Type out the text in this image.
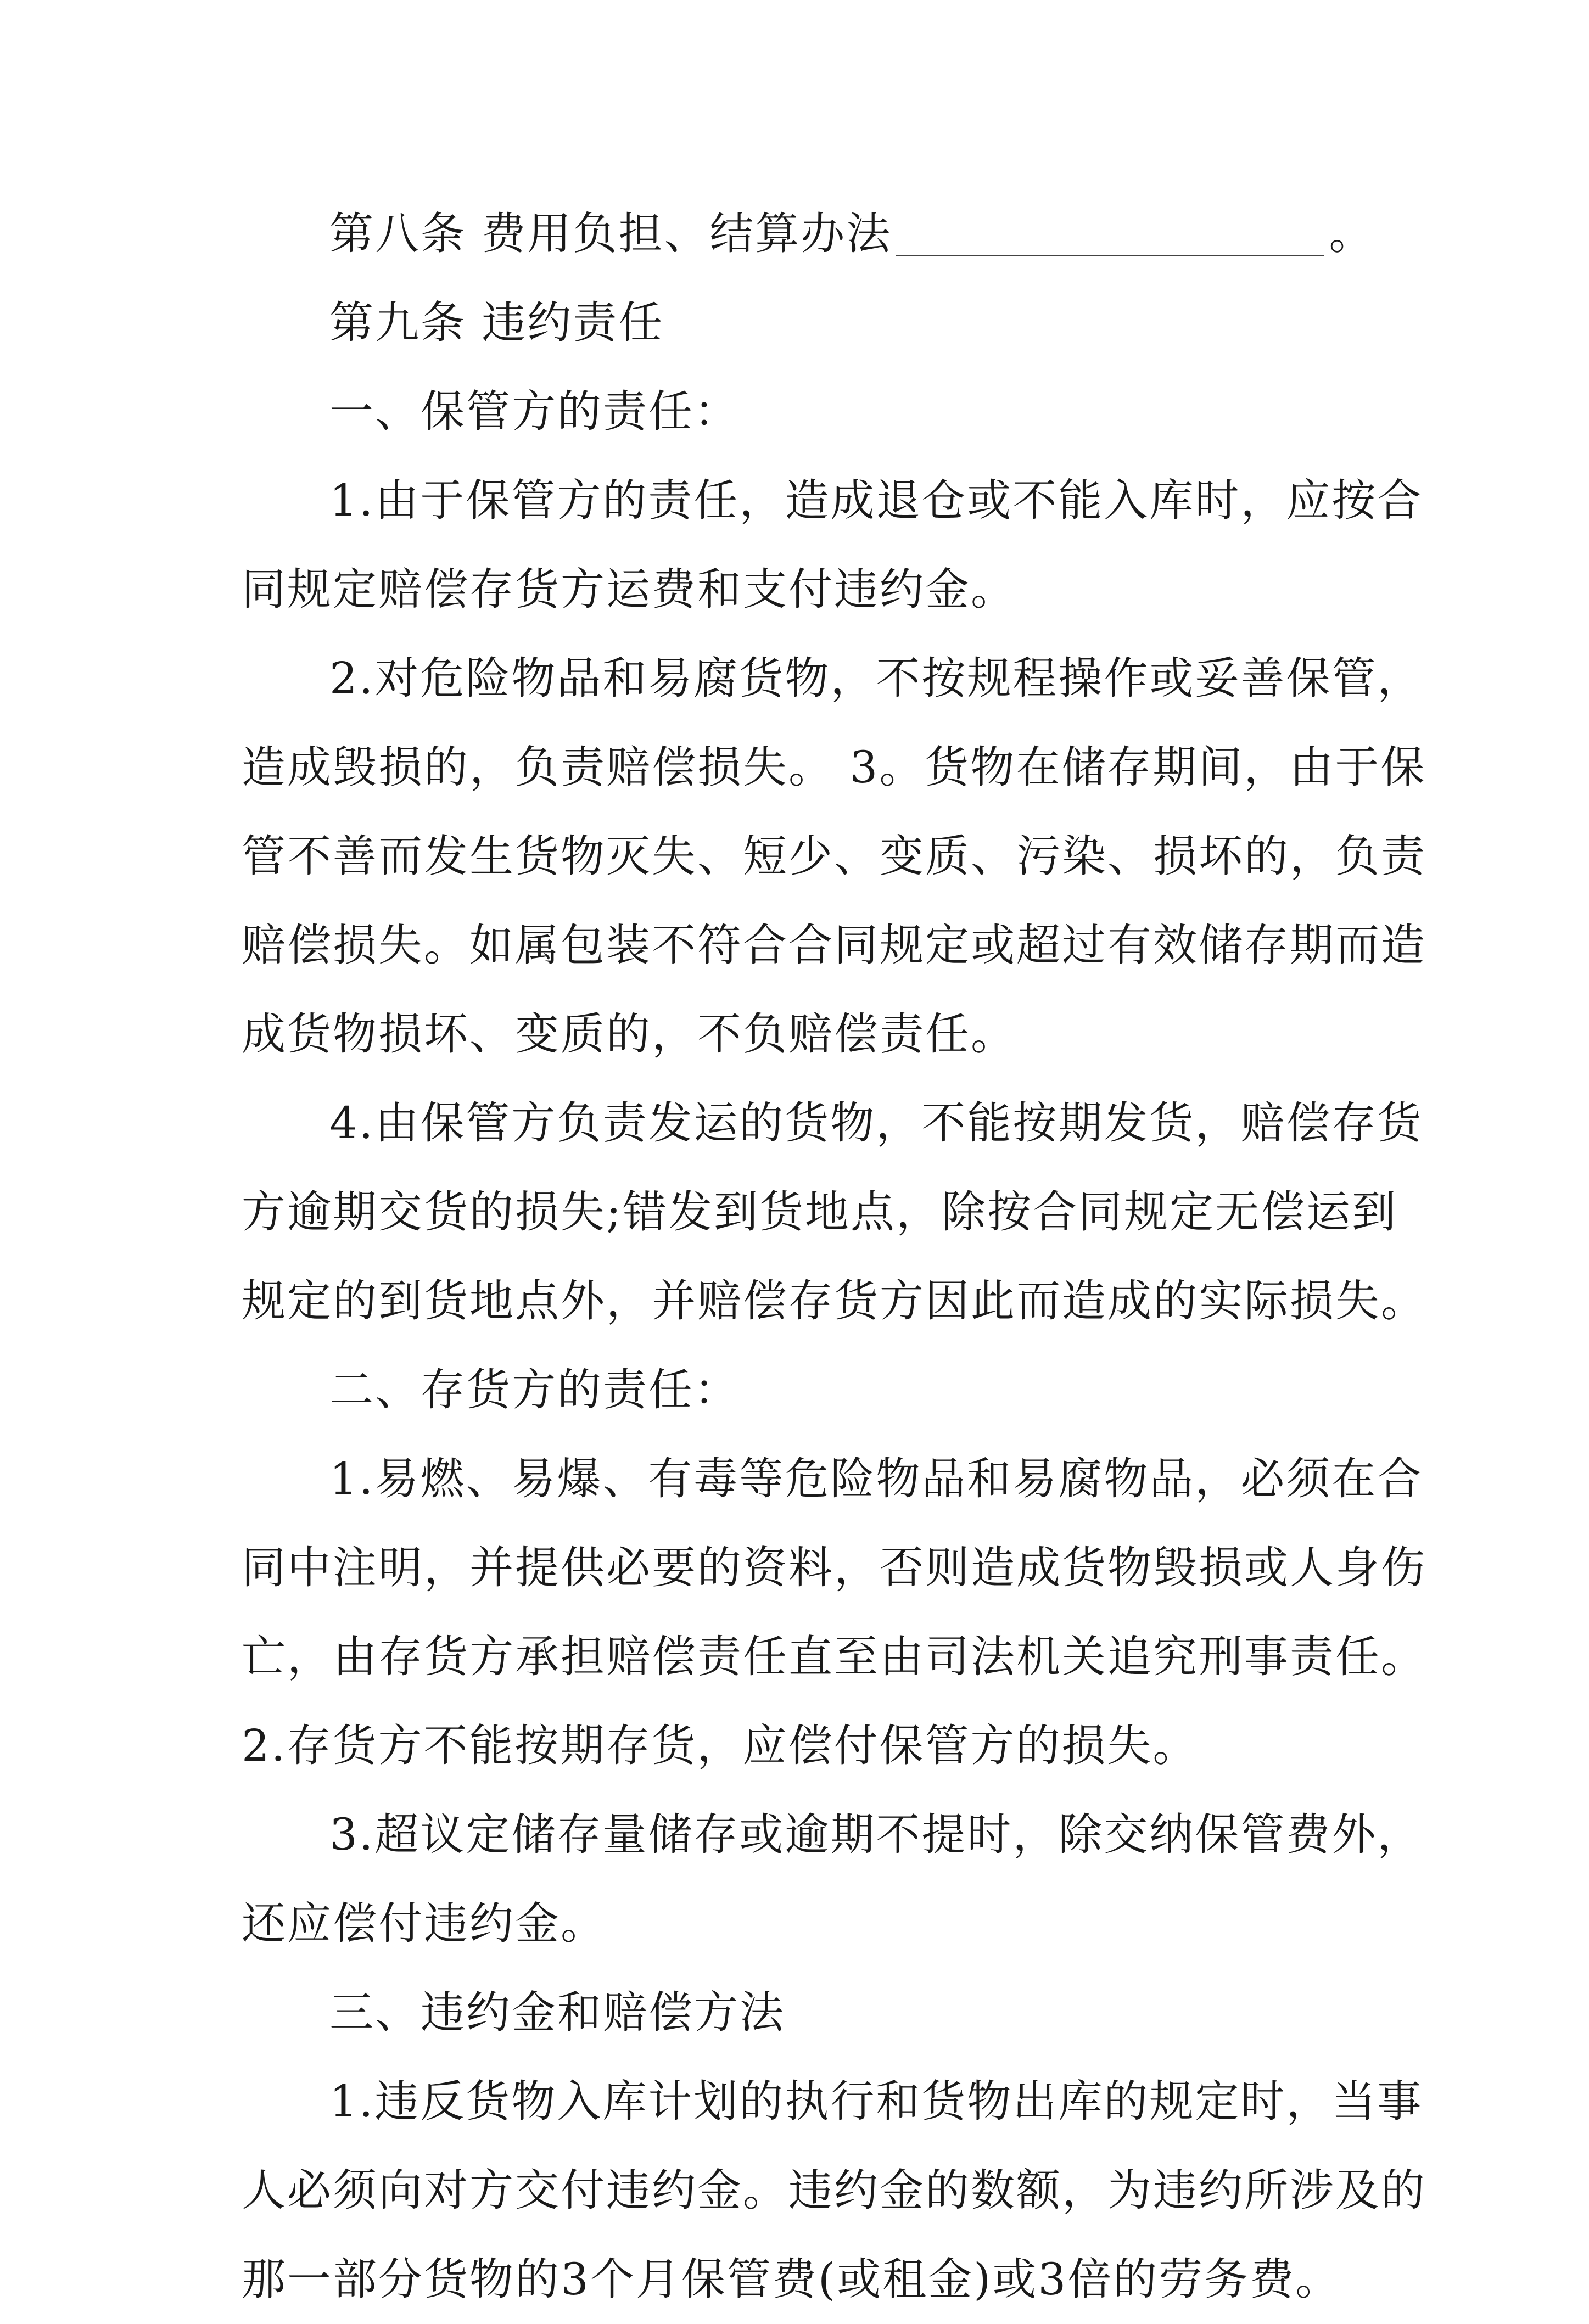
第八条 费用负担、结算办法	。
第九条 违约责任
一、保管方的责任：
1.由于保管方的责任，造成退仓或不能入库时，应按合
同规定赔偿存货方运费和支付违约金。
2.对危险物品和易腐货物，不按规程操作或妥善保管，
造成毁损的，负责赔偿损失。 3。货物在储存期间，由于保
管不善而发生货物灭失、短少、变质、污染、损坏的，负责
赔偿损失。如属包装不符合合同规定或超过有效储存期而造
成货物损坏、变质的，不负赔偿责任。
4.由保管方负责发运的货物，不能按期发货，赔偿存货
方逾期交货的损失;错发到货地点，除按合同规定无偿运到
规定的到货地点外，并赔偿存货方因此而造成的实际损失。
二、存货方的责任：
1.易燃、易爆、有毒等危险物品和易腐物品，必须在合
同中注明，并提供必要的资料，否则造成货物毁损或人身伤
亡，由存货方承担赔偿责任直至由司法机关追究刑事责任。
2.存货方不能按期存货，应偿付保管方的损失。
3.超议定储存量储存或逾期不提时，除交纳保管费外，
还应偿付违约金。
三、违约金和赔偿方法
1.违反货物入库计划的执行和货物出库的规定时，当事
人必须向对方交付违约金。违约金的数额，为违约所涉及的
那一部分货物的3个月保管费(或租金)或3倍的劳务费。
